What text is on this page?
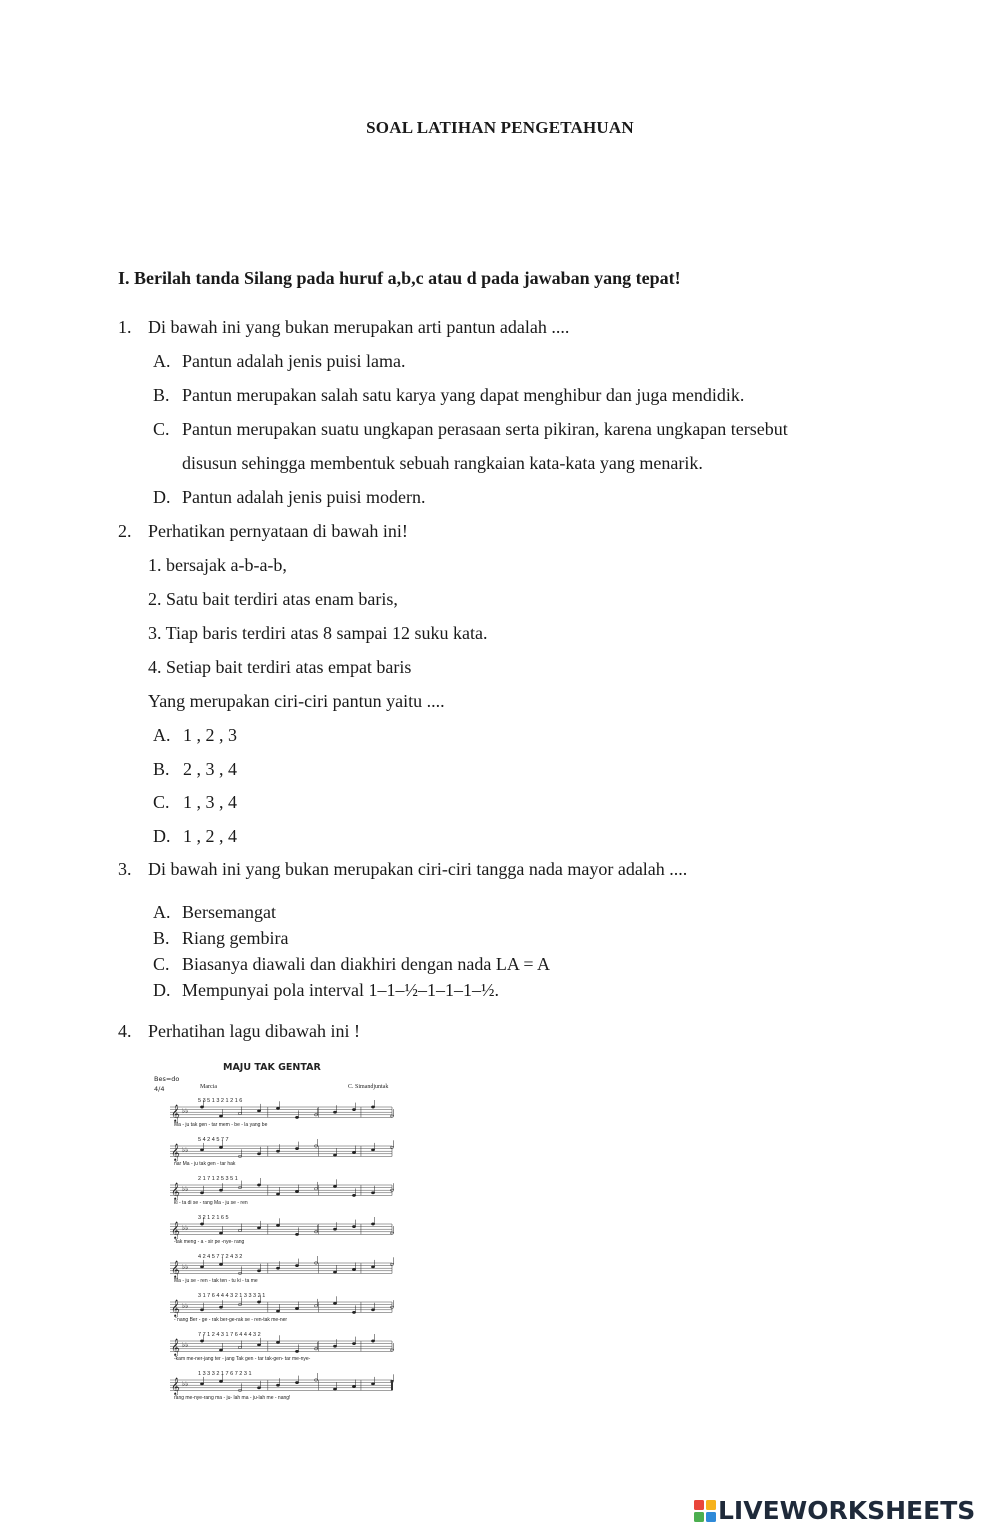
SOAL LATIHAN PENGETAHUAN
I. Berilah tanda Silang pada huruf a,b,c atau d pada jawaban yang tepat!
1. Di bawah ini yang bukan merupakan arti pantun adalah ....
A. Pantun adalah jenis puisi lama.
B. Pantun merupakan salah satu karya yang dapat menghibur dan juga mendidik.
C. Pantun merupakan suatu ungkapan perasaan serta pikiran, karena ungkapan tersebut
disusun sehingga membentuk sebuah rangkaian kata-kata yang menarik.
D. Pantun adalah jenis puisi modern.
2. Perhatikan pernyataan di bawah ini!
1. bersajak a-b-a-b,
2. Satu bait terdiri atas enam baris,
3. Tiap baris terdiri atas 8 sampai 12 suku kata.
4. Setiap bait terdiri atas empat baris
Yang merupakan ciri-ciri pantun yaitu ....
A. 1 , 2 , 3
B. 2 , 3 , 4
C. 1 , 3 , 4
D. 1 , 2 , 4
3. Di bawah ini yang bukan merupakan ciri-ciri tangga nada mayor adalah ....
A. Bersemangat
B. Riang gembira
C. Biasanya diawali dan diakhiri dengan nada LA = A
D. Mempunyai pola interval 1–1–½–1–1–1–½.
4. Perhatihan lagu dibawah ini !
MAJU TAK GENTAR
Bes=do
4/4	Marcia	C. Simandjuntak
5 3 5 1 3 2 1 2 1 6
𝄞 ♭♭
Ma - ju tak gen - tar mem - be - la yang be
5 4 2 4 5 7 7
𝄞 ♭♭
nar Ma - ju tak gen - tar hak
2 1 7 1 2 5 3 5 1
𝄞 ♭♭
ki - ta di se - rang Ma - ju se - ren
3 2 1 2 1 6 5
𝄞 ♭♭
-tak meng - a - sir pe -nye- rang
4 2 4 5 7 7 2 4 3 2
𝄞 ♭♭
Ma - ju se - ren - tak ten - tu ki - ta me
3 1 7 6 4 4 4 3 2 1 3 3 3 2 1
𝄞 ♭♭
- nang Ber - ge - rak ber-ge-rak se - ren-tak me-ner
7 7 1 2 4 3 1 7 6 4 4 4 3 2
𝄞 ♭♭
-kam me-ner-jang ter - jang Tak gen - tar tak-gen- tar me-nye-
1 3 3 3 2 1 7 6 7 2 3 1
𝄞 ♭♭
rang me-nye-rang ma - ju- lah ma - ju-lah me - nang!
LIVEWORKSHEETS
